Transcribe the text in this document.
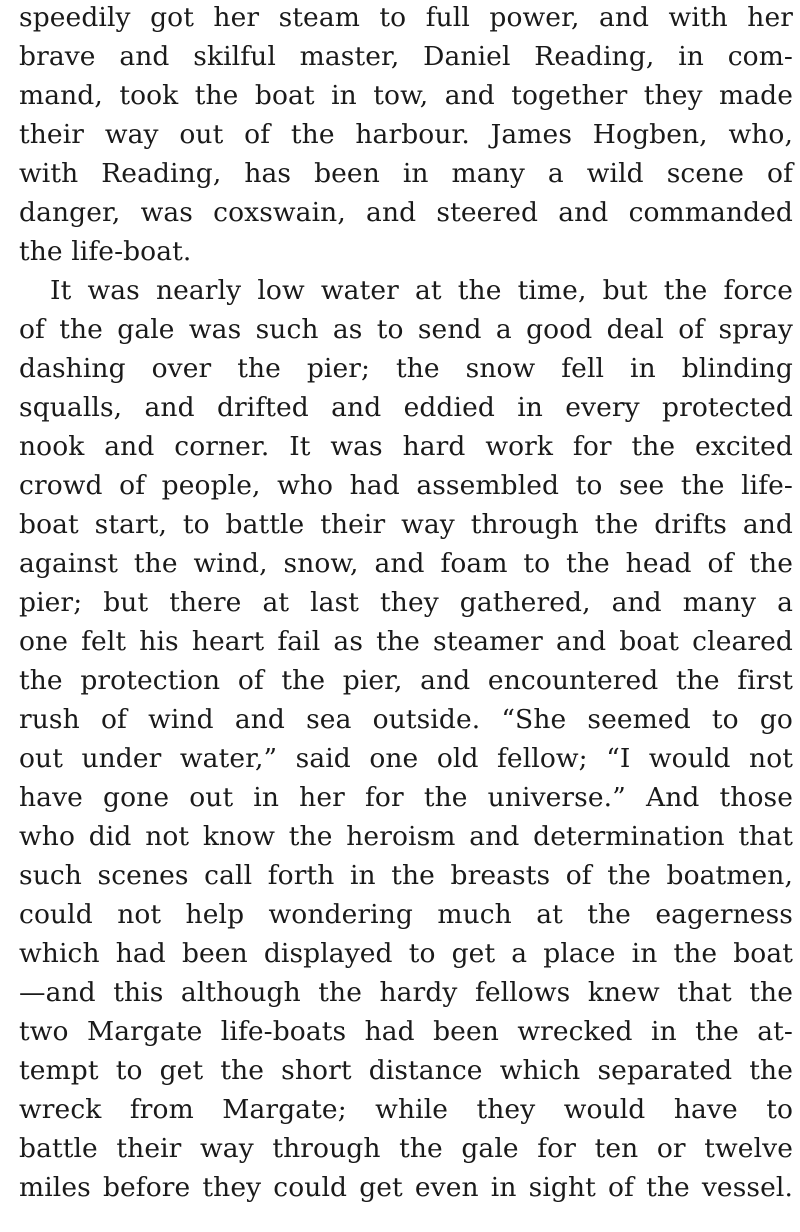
speedily got her steam to full power, and with her
brave and skilful master, Daniel Reading, in com-
mand, took the boat in tow, and together they made
their way out of the harbour. James Hogben, who,
with Reading, has been in many a wild scene of
danger, was coxswain, and steered and commanded
the life-boat.
It was nearly low water at the time, but the force
of the gale was such as to send a good deal of spray
dashing over the pier; the snow fell in blinding
squalls, and drifted and eddied in every protected
nook and corner. It was hard work for the excited
crowd of people, who had assembled to see the life-
boat start, to battle their way through the drifts and
against the wind, snow, and foam to the head of the
pier; but there at last they gathered, and many a
one felt his heart fail as the steamer and boat cleared
the protection of the pier, and encountered the first
rush of wind and sea outside. “She seemed to go
out under water,” said one old fellow; “I would not
have gone out in her for the universe.” And those
who did not know the heroism and determination that
such scenes call forth in the breasts of the boatmen,
could not help wondering much at the eagerness
which had been displayed to get a place in the boat
—and this although the hardy fellows knew that the
two Margate life-boats had been wrecked in the at-
tempt to get the short distance which separated the
wreck from Margate; while they would have to
battle their way through the gale for ten or twelve
miles before they could get even in sight of the vessel.
